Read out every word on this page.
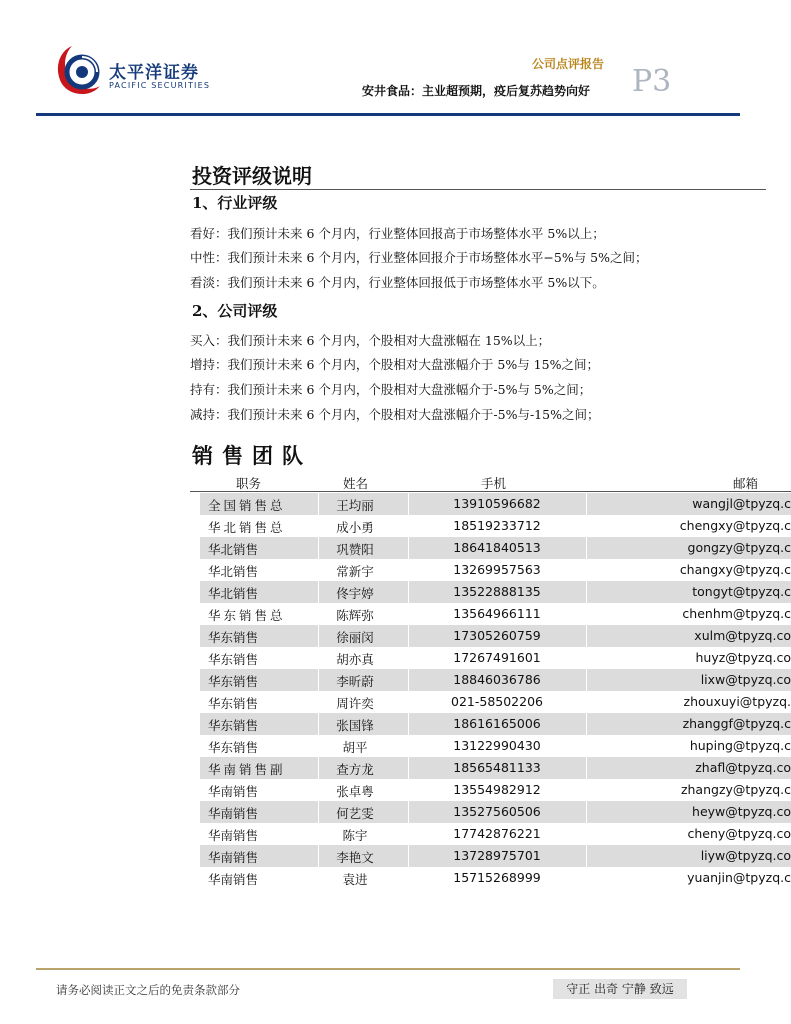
太平洋证券
PACIFIC SECURITIES
公司点评报告
安井食品：主业超预期，疫后复苏趋势向好 P3
投资评级说明
1、行业评级
看好：我们预计未来 6 个月内，行业整体回报高于市场整体水平 5%以上；
中性：我们预计未来 6 个月内，行业整体回报介于市场整体水平−5%与 5%之间；
看淡：我们预计未来 6 个月内，行业整体回报低于市场整体水平 5%以下。
2、公司评级
买入：我们预计未来 6 个月内，个股相对大盘涨幅在 15%以上；
增持：我们预计未来 6 个月内，个股相对大盘涨幅介于 5%与 15%之间；
持有：我们预计未来 6 个月内，个股相对大盘涨幅介于-5%与 5%之间；
减持：我们预计未来 6 个月内，个股相对大盘涨幅介于-5%与-15%之间；
销售团队
职务	姓名	手机	邮箱
全国销售总	王均丽	13910596682	wangjl@tpyzq.c
华北销售总	成小勇	18519233712	chengxy@tpyzq.c
华北销售	巩赞阳	18641840513	gongzy@tpyzq.c
华北销售	常新宇	13269957563	changxy@tpyzq.c
华北销售	佟宇婷	13522888135	tongyt@tpyzq.c
华东销售总	陈辉弥	13564966111	chenhm@tpyzq.c
华东销售	徐丽闵	17305260759	xulm@tpyzq.co
华东销售	胡亦真	17267491601	huyz@tpyzq.co
华东销售	李昕蔚	18846036786	lixw@tpyzq.co
华东销售	周许奕	021-58502206	zhouxuyi@tpyzq.
华东销售	张国锋	18616165006	zhanggf@tpyzq.c
华东销售	胡平	13122990430	huping@tpyzq.c
华南销售副	查方龙	18565481133	zhafl@tpyzq.co
华南销售	张卓粤	13554982912	zhangzy@tpyzq.c
华南销售	何艺雯	13527560506	heyw@tpyzq.co
华南销售	陈宇	17742876221	cheny@tpyzq.co
华南销售	李艳文	13728975701	liyw@tpyzq.co
华南销售	袁进	15715268999	yuanjin@tpyzq.c
请务必阅读正文之后的免责条款部分	守正 出奇 宁静 致远
